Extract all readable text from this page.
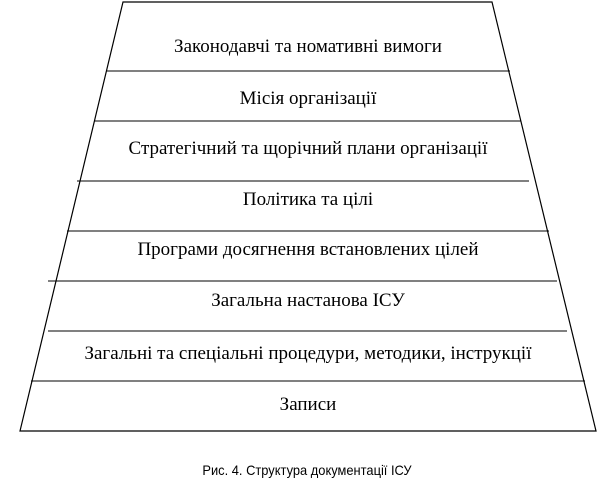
Законодавчі та номативні вимоги
Місія організації
Стратегічний та щорічний плани організації
Політика та цілі
Програми досягнення встановлених цілей
Загальна настанова ІСУ
Загальні та спеціальні процедури, методики, інструкції
Записи
Рис. 4. Структура документації ІСУ
